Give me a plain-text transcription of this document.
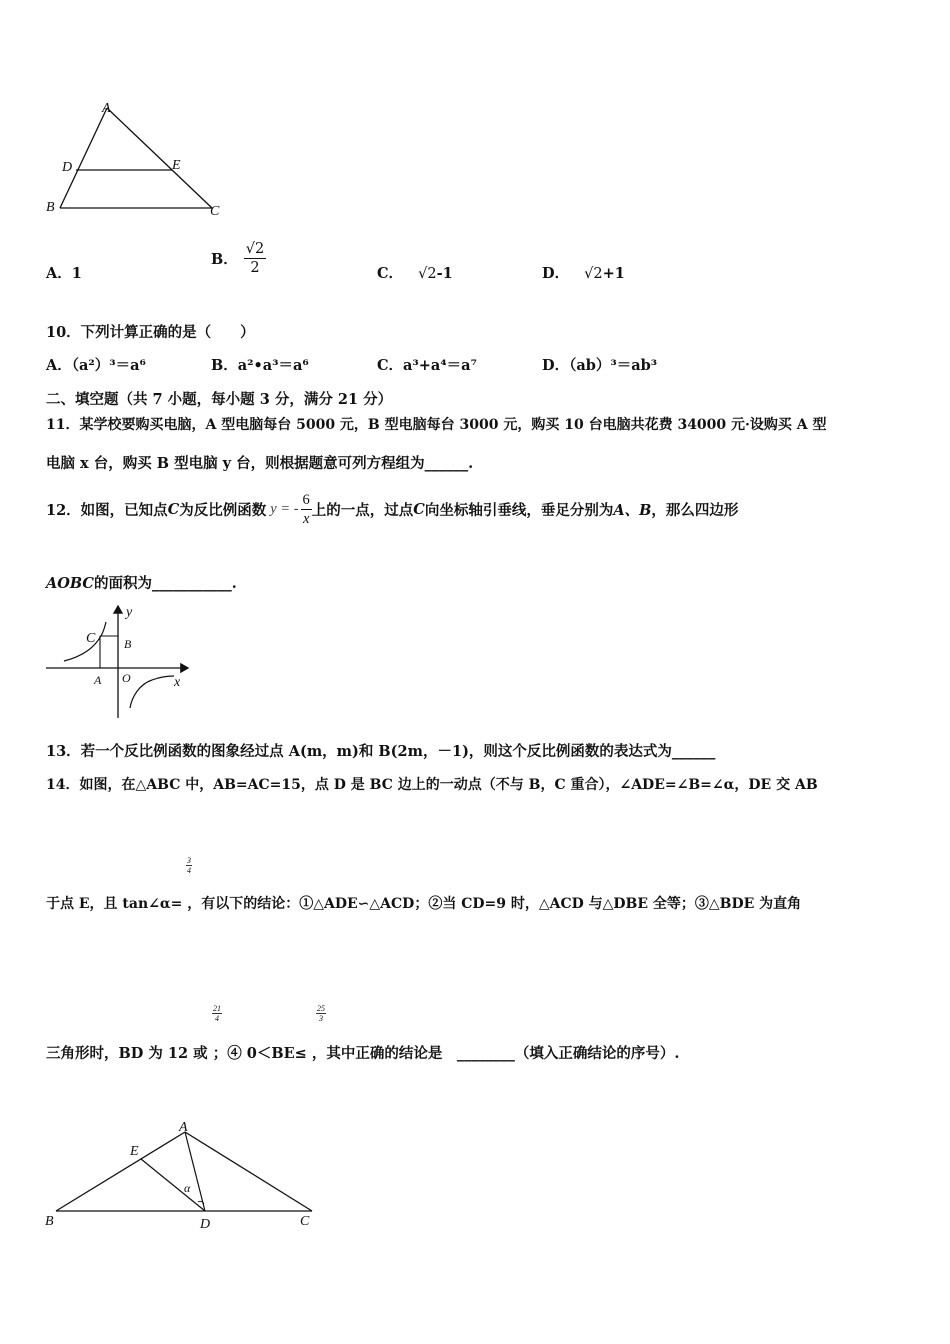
A
D	E
B	C
A．1
B． $\frac{√2}{2}$	C． √2-1	D． √2+1
10．下列计算正确的是（　　）
A．（a²）³＝a⁶	B．a²•a³＝a⁶	C．a³+a⁴＝a⁷	D．（ab）³＝ab³
二、填空题（共 7 小题，每小题 3 分，满分 21 分）
11．某学校要购买电脑，A 型电脑每台 5000 元，B 型电脑每台 3000 元，购买 10 台电脑共花费 34000 元·设购买 A 型
电脑 x 台，购买 B 型电脑 y 台，则根据题意可列方程组为______.
12．如图，已知点 C 为反比例函数 y = - $\frac{6}{x}$ 上的一点，过点 C 向坐标轴引垂线，垂足分别为 A、B ，那么四边形
AOBC的面积为___________.
y
C B
A O	x
13．若一个反比例函数的图象经过点 A(m，m)和 B(2m，－1)，则这个反比例函数的表达式为______
14．如图，在△ABC 中，AB=AC=15，点 D 是 BC 边上的一动点（不与 B，C 重合），∠ADE=∠B=∠α，DE 交 AB
$\frac{3}{4}$
于点 E，且 tan∠α= ，有以下的结论：①△ADE∽△ACD；②当 CD=9 时，△ACD 与△DBE 全等；③△BDE 为直角
$\frac{21}{4}$	$\frac{25}{3}$
三角形时，BD 为 12 或 ；④ 0＜BE≤ ，其中正确的结论是　________（填入正确结论的序号）.
A
E
α
B	D	C
